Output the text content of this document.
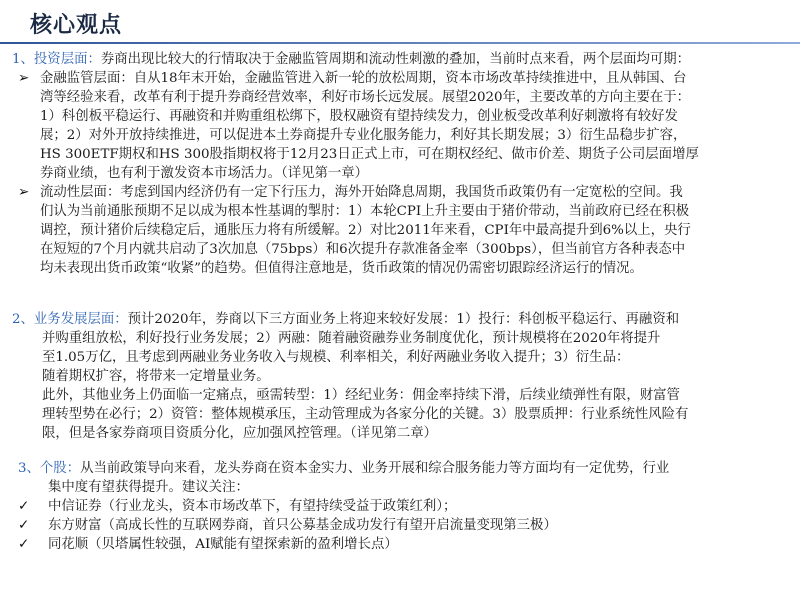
核心观点
1、投资层面：券商出现比较大的行情取决于金融监管周期和流动性刺激的叠加，当前时点来看，两个层面均可期：
➢ 金融监管层面：自从18年末开始，金融监管进入新一轮的放松周期，资本市场改革持续推进中，且从韩国、台
湾等经验来看，改革有利于提升券商经营效率，利好市场长远发展。展望2020年，主要改革的方向主要在于：
1）科创板平稳运行、再融资和并购重组松绑下，股权融资有望持续发力，创业板受改革利好刺激将有较好发
展；2）对外开放持续推进，可以促进本土券商提升专业化服务能力，利好其长期发展；3）衍生品稳步扩容，
HS 300ETF期权和HS 300股指期权将于12月23日正式上市，可在期权经纪、做市价差、期货子公司层面增厚
券商业绩，也有利于激发资本市场活力。（详见第一章）
➢ 流动性层面：考虑到国内经济仍有一定下行压力，海外开始降息周期，我国货币政策仍有一定宽松的空间。我
们认为当前通胀预期不足以成为根本性基调的掣肘：1）本轮CPI上升主要由于猪价带动，当前政府已经在积极
调控，预计猪价后续稳定后，通胀压力将有所缓解。2）对比2011年来看，CPI年中最高提升到6%以上，央行
在短短的7个月内就共启动了3次加息（75bps）和6次提升存款准备金率（300bps），但当前官方各种表态中
均未表现出货币政策“收紧”的趋势。但值得注意地是，货币政策的情况仍需密切跟踪经济运行的情况。
2、业务发展层面：预计2020年，券商以下三方面业务上将迎来较好发展：1）投行：科创板平稳运行、再融资和
并购重组放松，利好投行业务发展；2）两融：随着融资融券业务制度优化，预计规模将在2020年将提升
至1.05万亿，且考虑到两融业务业务收入与规模、利率相关，利好两融业务收入提升；3）衍生品：
随着期权扩容，将带来一定增量业务。
此外，其他业务上仍面临一定痛点，亟需转型：1）经纪业务：佣金率持续下滑，后续业绩弹性有限，财富管
理转型势在必行；2）资管：整体规模承压，主动管理成为各家分化的关键。3）股票质押：行业系统性风险有
限，但是各家券商项目资质分化，应加强风控管理。（详见第二章）
3、个股：从当前政策导向来看，龙头券商在资本金实力、业务开展和综合服务能力等方面均有一定优势，行业
集中度有望获得提升。建议关注：
✓ 中信证券（行业龙头，资本市场改革下，有望持续受益于政策红利）；
✓ 东方财富（高成长性的互联网券商，首只公募基金成功发行有望开启流量变现第三极）
✓ 同花顺（贝塔属性较强，AI赋能有望探索新的盈利增长点）
